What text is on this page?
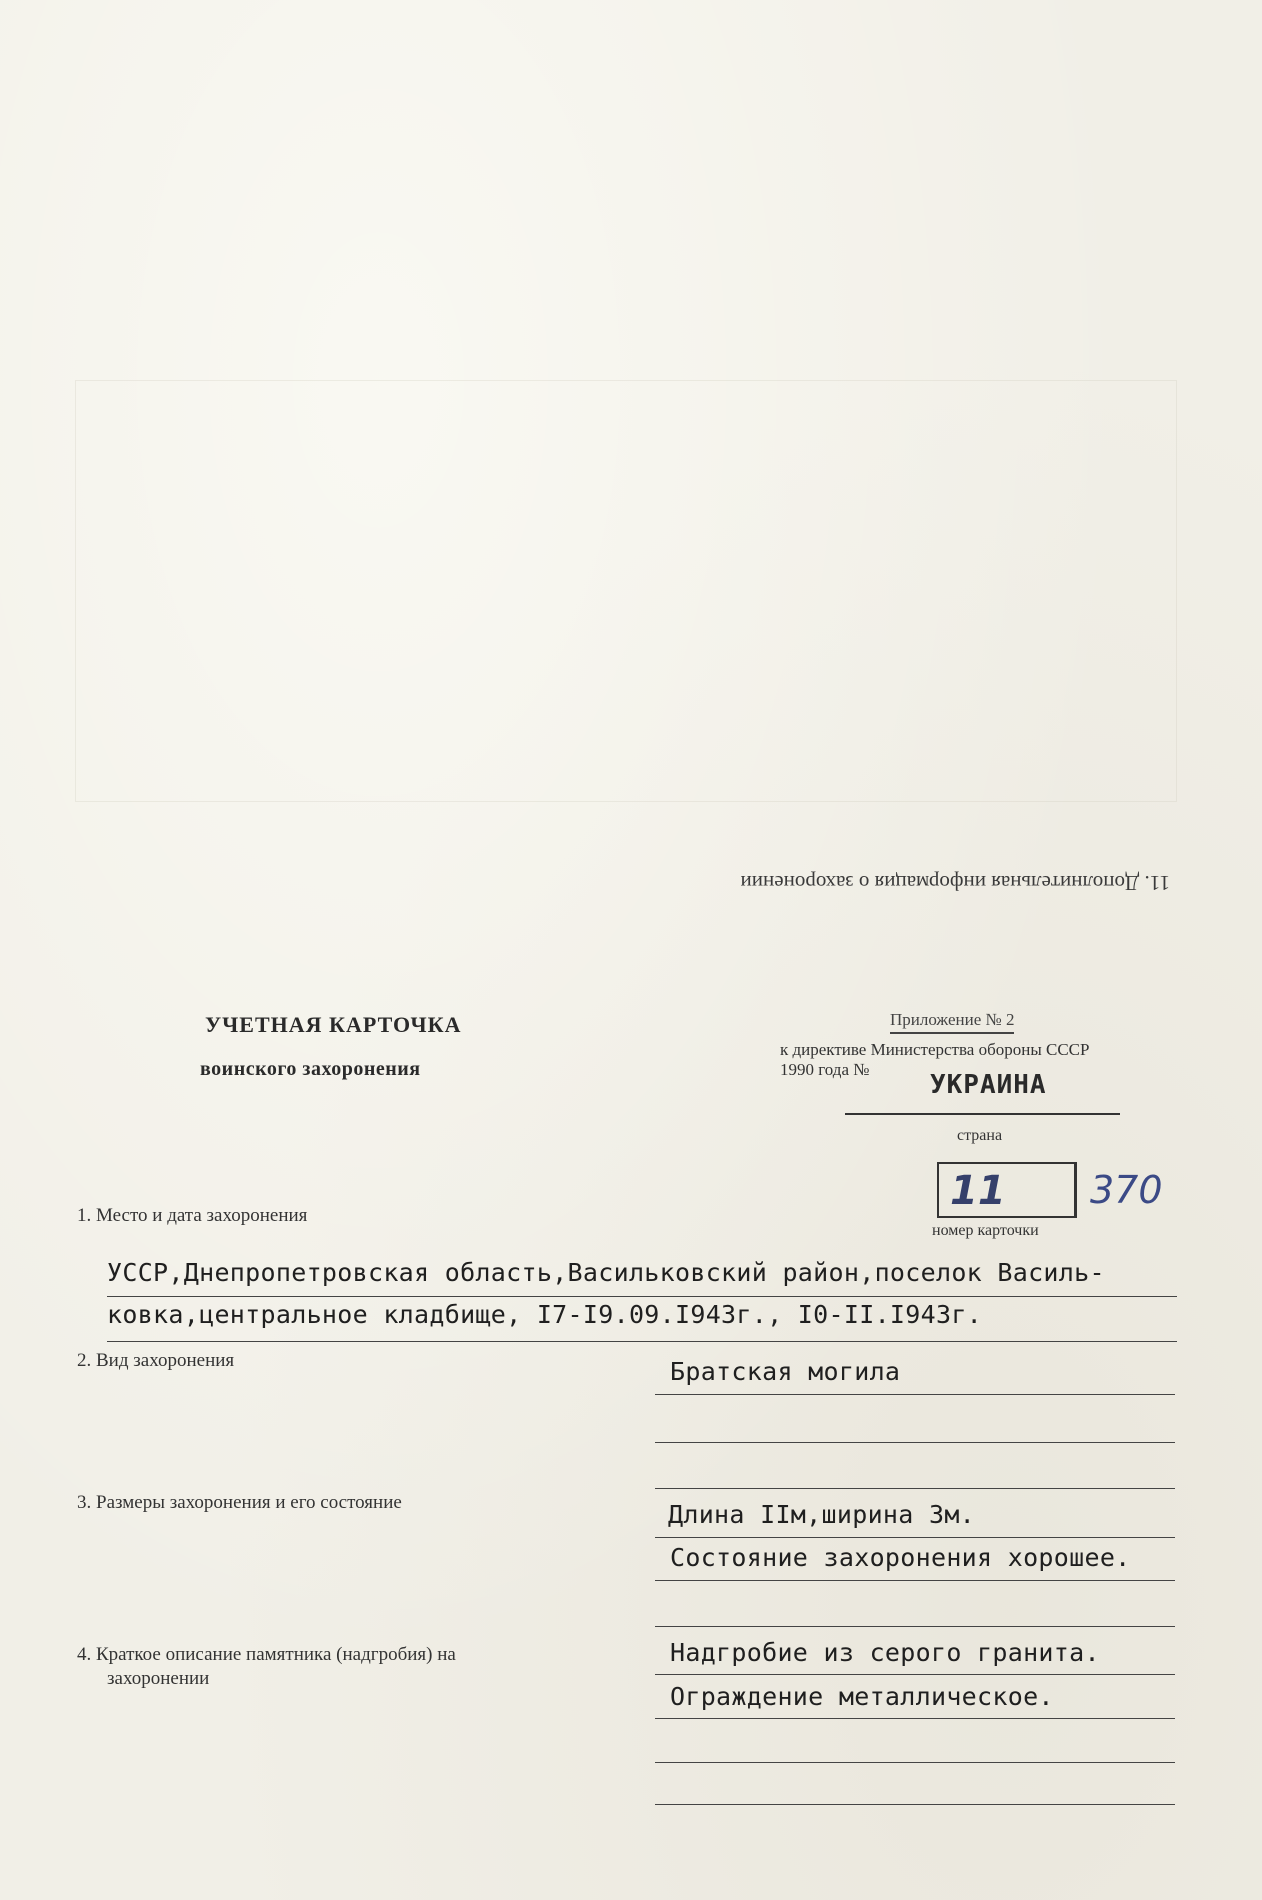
11. Дополнительная информация о захоронении
УЧЕТНАЯ КАРТОЧКА
воинского захоронения
Приложение № 2
к директиве Министерства обороны СССР
1990 года №
УКРАИНА
страна
11 370
номер карточки
1. Место и дата захоронения
УССР,Днепропетровская область,Васильковский район,поселок Василь-
ковка,центральное кладбище, I7-I9.09.I943г., I0-II.I943г.
2. Вид захоронения	Братская могила
3. Размеры захоронения и его состояние	Длина IIм,ширина 3м.
Состояние захоронения хорошее.
4. Краткое описание памятника (надгробия) на
захоронении
Надгробие из серого гранита.
Ограждение металлическое.
